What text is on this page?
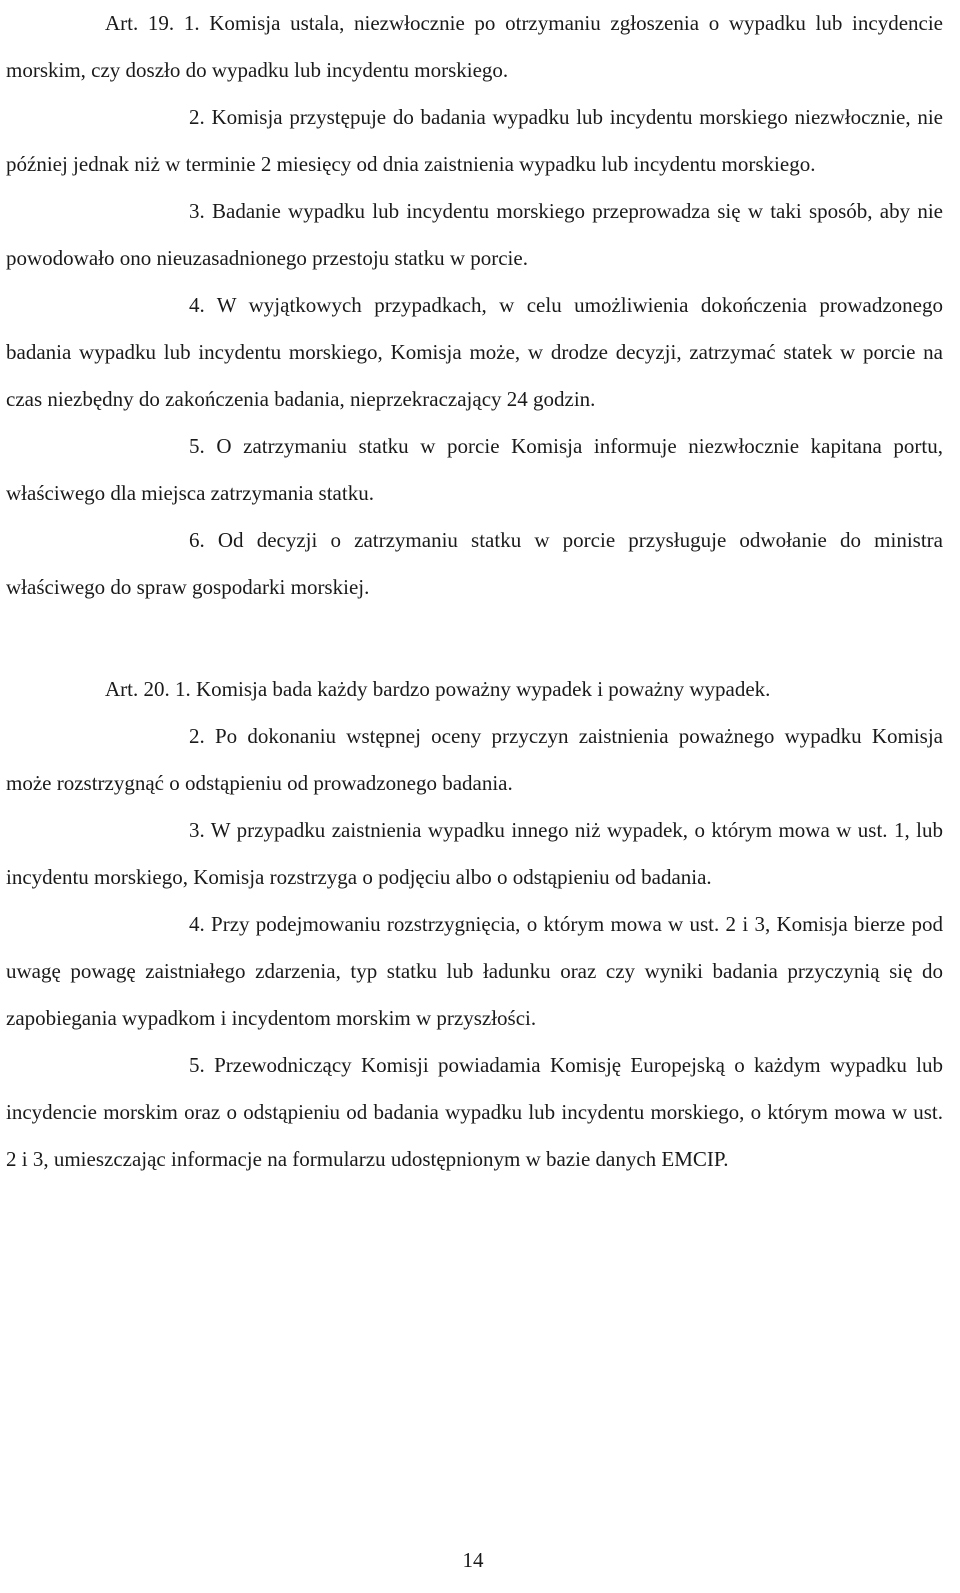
Art. 19. 1. Komisja ustala, niezwłocznie po otrzymaniu zgłoszenia o wypadku lub incydencie morskim, czy doszło do wypadku lub incydentu morskiego.

2. Komisja przystępuje do badania wypadku lub incydentu morskiego niezwłocznie, nie później jednak niż w terminie 2 miesięcy od dnia zaistnienia wypadku lub incydentu morskiego.

3. Badanie wypadku lub incydentu morskiego przeprowadza się w taki sposób, aby nie powodowało ono nieuzasadnionego przestoju statku w porcie.

4. W wyjątkowych przypadkach, w celu umożliwienia dokończenia prowadzonego badania wypadku lub incydentu morskiego, Komisja może, w drodze decyzji, zatrzymać statek w porcie na czas niezbędny do zakończenia badania, nieprzekraczający 24 godzin.

5. O zatrzymaniu statku w porcie Komisja informuje niezwłocznie kapitana portu, właściwego dla miejsca zatrzymania statku.

6. Od decyzji o zatrzymaniu statku w porcie przysługuje odwołanie do ministra właściwego do spraw gospodarki morskiej.

Art. 20. 1. Komisja bada każdy bardzo poważny wypadek i poważny wypadek.

2. Po dokonaniu wstępnej oceny przyczyn zaistnienia poważnego wypadku Komisja może rozstrzygnąć o odstąpieniu od prowadzonego badania.

3. W przypadku zaistnienia wypadku innego niż wypadek, o którym mowa w ust. 1, lub incydentu morskiego, Komisja rozstrzyga o podjęciu albo o odstąpieniu od badania.

4. Przy podejmowaniu rozstrzygnięcia, o którym mowa w ust. 2 i 3, Komisja bierze pod uwagę powagę zaistniałego zdarzenia, typ statku lub ładunku oraz czy wyniki badania przyczynią się do zapobiegania wypadkom i incydentom morskim w przyszłości.

5. Przewodniczący Komisji powiadamia Komisję Europejską o każdym wypadku lub incydencie morskim oraz o odstąpieniu od badania wypadku lub incydentu morskiego, o którym mowa w ust. 2 i 3, umieszczając informacje na formularzu udostępnionym w bazie danych EMCIP.

14
